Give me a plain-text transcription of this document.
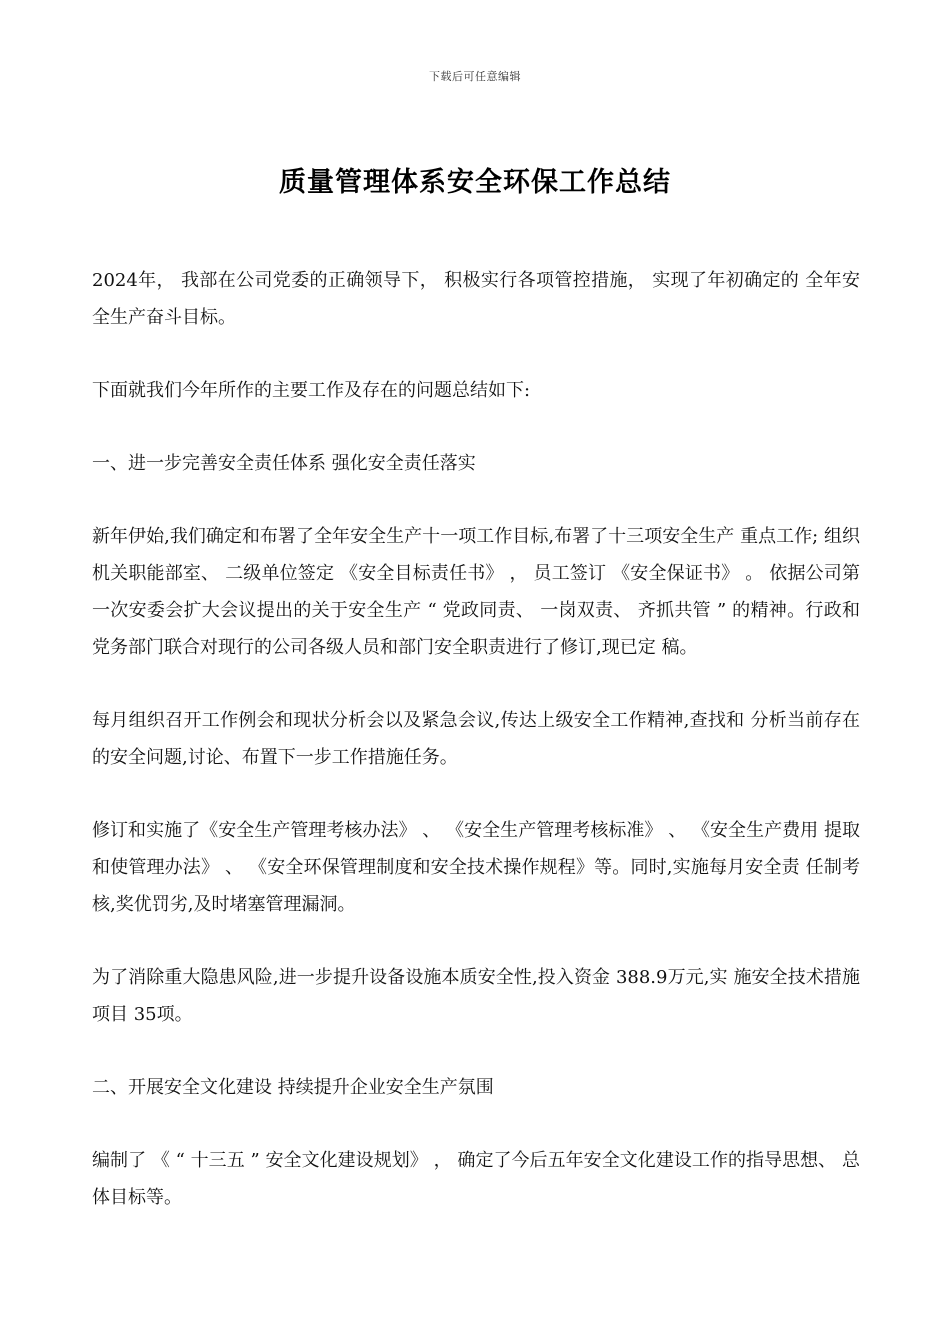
下载后可任意编辑
质量管理体系安全环保工作总结

2024年， 我部在公司党委的正确领导下， 积极实行各项管控措施， 实现了年初确定的 全年安全生产奋斗目标。

下面就我们今年所作的主要工作及存在的问题总结如下:

一、进一步完善安全责任体系 强化安全责任落实

新年伊始,我们确定和布署了全年安全生产十一项工作目标,布署了十三项安全生产 重点工作; 组织机关职能部室、 二级单位签定 《安全目标责任书》 ， 员工签订 《安全保证书》 。 依据公司第一次安委会扩大会议提出的关于安全生产 “ 党政同责、 一岗双责、 齐抓共管 ” 的精神。行政和党务部门联合对现行的公司各级人员和部门安全职责进行了修订,现已定 稿。

每月组织召开工作例会和现状分析会以及紧急会议,传达上级安全工作精神,查找和 分析当前存在的安全问题,讨论、布置下一步工作措施任务。

修订和实施了《安全生产管理考核办法》 、 《安全生产管理考核标准》 、 《安全生产费用 提取和使管理办法》 、 《安全环保管理制度和安全技术操作规程》等。同时,实施每月安全责 任制考核,奖优罚劣,及时堵塞管理漏洞。

为了消除重大隐患风险,进一步提升设备设施本质安全性,投入资金 388.9万元,实 施安全技术措施项目 35项。

二、开展安全文化建设 持续提升企业安全生产氛围

编制了 《 “ 十三五 ” 安全文化建设规划》 ， 确定了今后五年安全文化建设工作的指导思想、 总体目标等。
